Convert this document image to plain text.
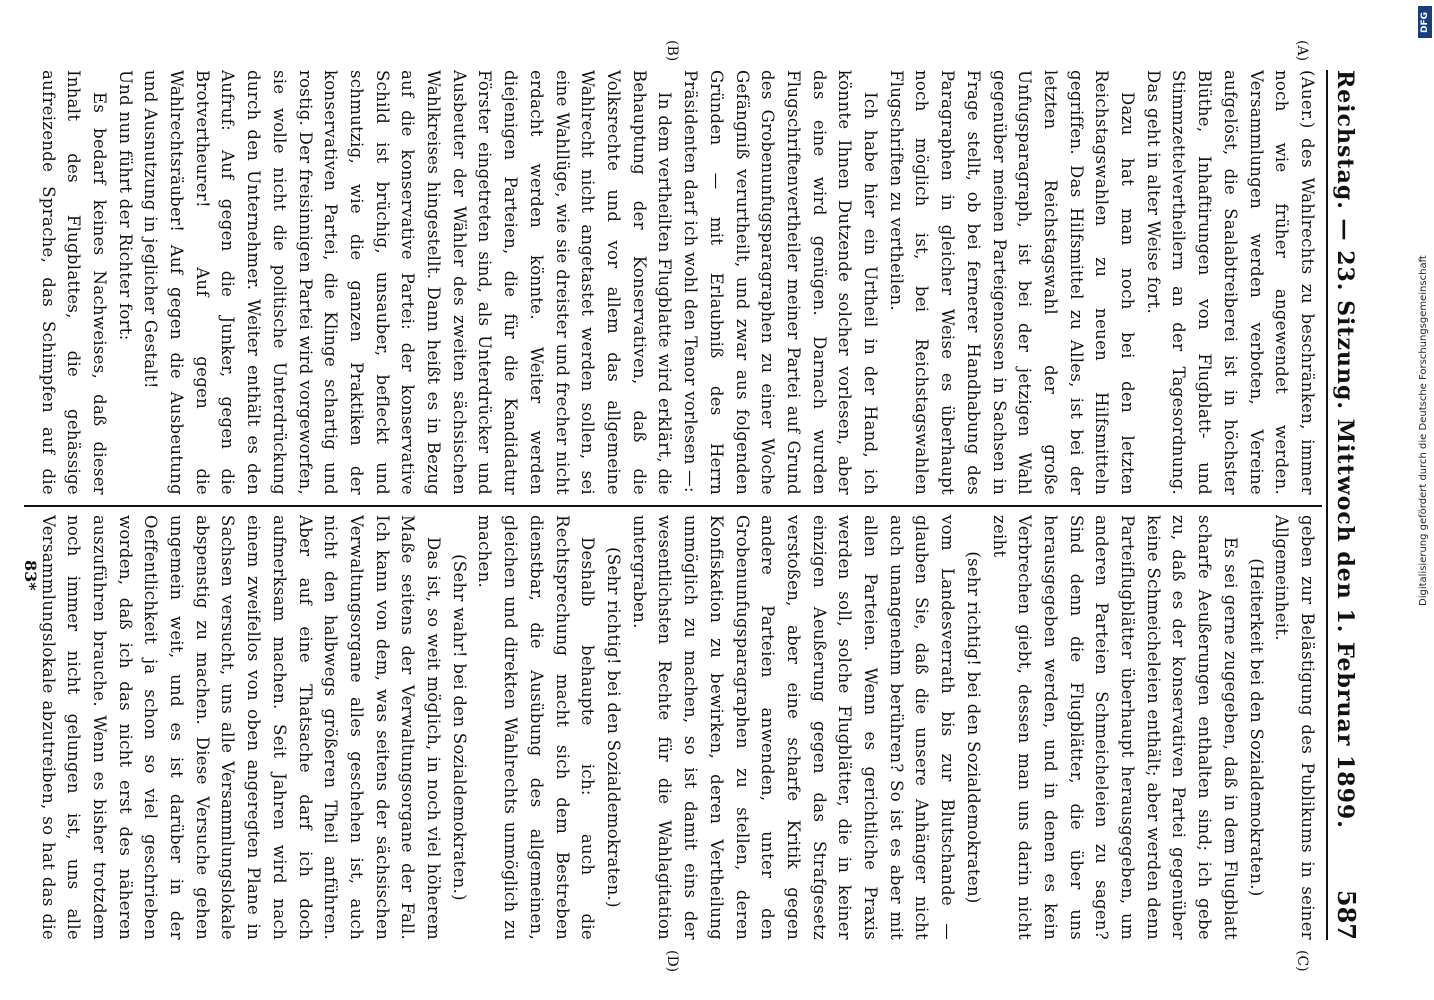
Reichstag. — 23. Sitzung. Mittwoch den 1. Februar 1899.
587
(A)
(B)
(C)
(D)

(Auer.) des Wahlrechts zu beschränken, immer noch wie früher angewendet werden. Versammlungen werden verboten, Vereine aufgelöst, die Saalabtreiberei ist in höchster Blüthe, Inhaftirungen von Flugblatt- und Stimmzettelvertheilern an der Tagesordnung. Das geht in alter Weise fort.

Dazu hat man noch bei den letzten Reichstagswahlen zu neuen Hilfsmitteln gegriffen. Das Hilfsmittel zu Alles, ist bei der letzten Reichstagswahl der große Unfugsparagraph, ist bei der jetzigen Wahl gegenüber meinen Parteigenossen in Sachsen in Frage stellt, ob bei fernerer Handhabung des Paragraphen in gleicher Weise es überhaupt noch möglich ist, bei Reichstagswahlen Flugschriften zu vertheilen.

Ich habe hier ein Urtheil in der Hand, ich könnte Ihnen Dutzende solcher vorlesen, aber das eine wird genügen. Darnach wurden Flugschriftenvertheiler meiner Partei auf Grund des Grobenunfugsparagraphen zu einer Woche Gefängniß verurtheilt, und zwar aus folgenden Gründen — mit Erlaubniß des Herrn Präsidenten darf ich wohl den Tenor vorlesen —:

In dem vertheilten Flugblatte wird erklärt, die Behauptung der Konservativen, daß die Volksrechte und vor allem das allgemeine Wahlrecht nicht angetastet werden sollen, sei eine Wahllüge, wie sie dreister und frecher nicht erdacht werden könnte. Weiter werden diejenigen Parteien, die für die Kandidatur Förster eingetreten sind, als Unterdrücker und Ausbeuter der Wähler des zweiten sächsischen Wahlkreises hingestellt. Dann heißt es in Bezug auf die konservative Partei: der konservative Schild ist brüchig, unsauber, befleckt und schmutzig, wie die ganzen Praktiken der konservativen Partei, die Klinge schartig und rostig. Der freisinnigen Partei wird vorgeworfen, sie wolle nicht die politische Unterdrückung durch den Unternehmer. Weiter enthält es den Aufruf: Auf gegen die Junker, gegen die Brotvertheurer! Auf gegen die Wahlrechtsräuber! Auf gegen die Ausbeutung und Ausnutzung in jeglicher Gestalt!

Und nun führt der Richter fort:

Es bedarf keines Nachweises, daß dieser Inhalt des Flugblattes, die gehässige aufreizende Sprache, das Schimpfen auf die

geben zur Belästigung des Publikums in seiner Allgemeinheit.

(Heiterkeit bei den Sozialdemokraten.)

Es sei gerne zugegeben, daß in dem Flugblatt scharfe Aeußerungen enthalten sind; ich gebe zu, daß es der konservativen Partei gegenüber keine Schmeicheleien enthält; aber werden denn Parteiflugblätter überhaupt herausgegeben, um anderen Parteien Schmeicheleien zu sagen? Sind denn die Flugblätter, die über uns herausgegeben werden, und in denen es kein Verbrechen giebt, dessen man uns darin nicht zeiht

(sehr richtig! bei den Sozialdemokraten)

vom Landesverrath bis zur Blutschande — glauben Sie, daß die unsere Anhänger nicht auch unangenehm berühren? So ist es aber mit allen Parteien. Wenn es gerichtliche Praxis werden soll, solche Flugblätter, die in keiner einzigen Aeußerung gegen das Strafgesetz verstoßen, aber eine scharfe Kritik gegen andere Parteien anwenden, unter den Grobenunfugsparagraphen zu stellen, deren Konfiskation zu bewirken, deren Vertheilung unmöglich zu machen, so ist damit eins der wesentlichsten Rechte für die Wahlagitation untergraben.

(Sehr richtig! bei den Sozialdemokraten.)

Deshalb behaupte ich: auch die Rechtsprechung macht sich dem Bestreben dienstbar, die Ausübung des allgemeinen, gleichen und direkten Wahlrechts unmöglich zu machen.

(Sehr wahr! bei den Sozialdemokraten.)

Das ist, so weit möglich, in noch viel höherem Maße seitens der Verwaltungsorgane der Fall. Ich kann von dem, was seitens der sächsischen Verwaltungsorgane alles geschehen ist, auch nicht den halbwegs größeren Theil anführen. Aber auf eine Thatsache darf ich doch aufmerksam machen. Seit Jahren wird nach einem zweifellos von oben angeregten Plane in Sachsen versucht, uns alle Versammlungslokale abspenstig zu machen. Diese Versuche gehen ungemein weit, und es ist darüber in der Oeffentlichkeit ja schon so viel geschrieben worden, daß ich das nicht erst des näheren auszuführen brauche. Wenn es bisher trotzdem noch immer nicht gelungen ist, uns alle Versammlungslokale abzutreiben, so hat das die

83*
DFG
Digitalisierung gefördert durch die Deutsche Forschungsgemeinschaft
